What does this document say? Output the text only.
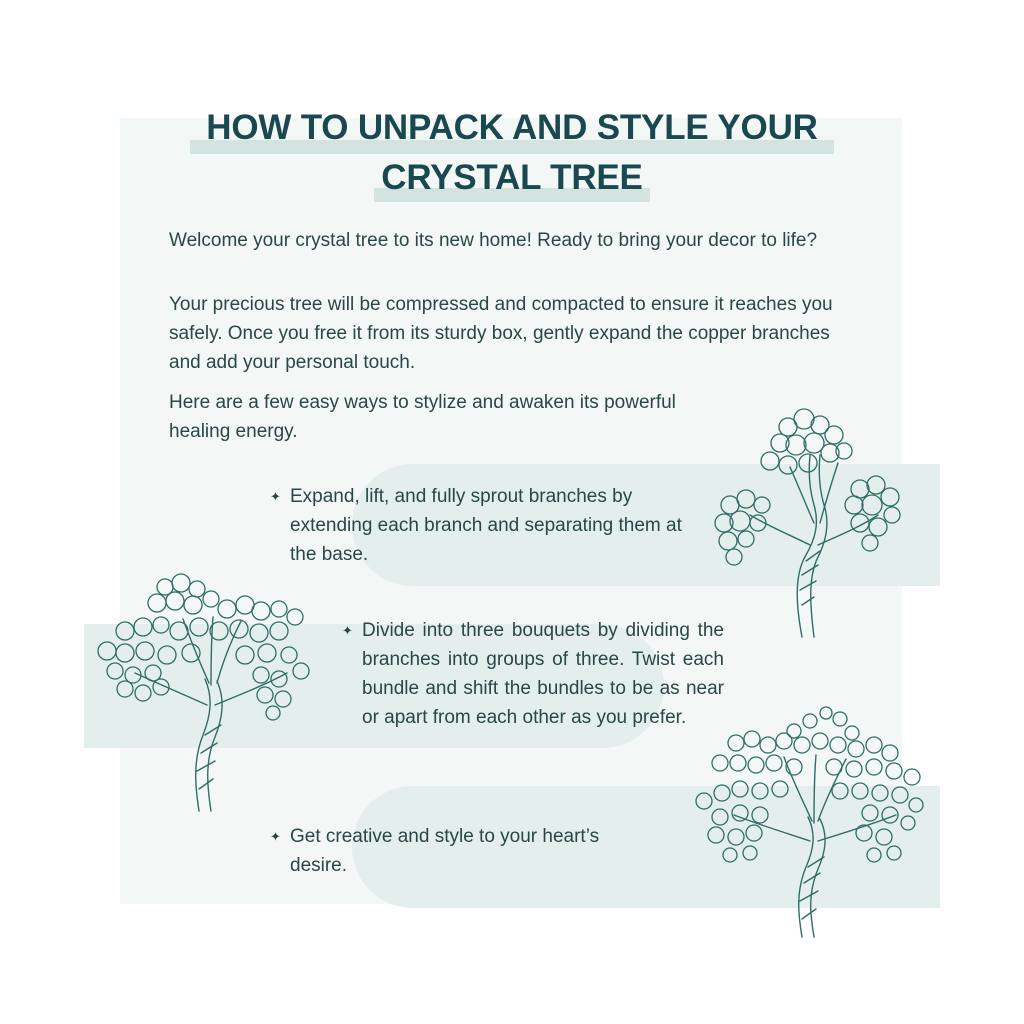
HOW TO UNPACK AND STYLE YOUR
CRYSTAL TREE
Welcome your crystal tree to its new home! Ready to bring your decor to life?
Your precious tree will be compressed and compacted to ensure it reaches you safely. Once you free it from its sturdy box, gently expand the copper branches and add your personal touch.
Here are a few easy ways to stylize and awaken its powerful healing energy.
✦ Expand, lift, and fully sprout branches by extending each branch and separating them at the base.
✦ Divide into three bouquets by dividing the branches into groups of three. Twist each bundle and shift the bundles to be as near or apart from each other as you prefer.
✦ Get creative and style to your heart’s desire.
